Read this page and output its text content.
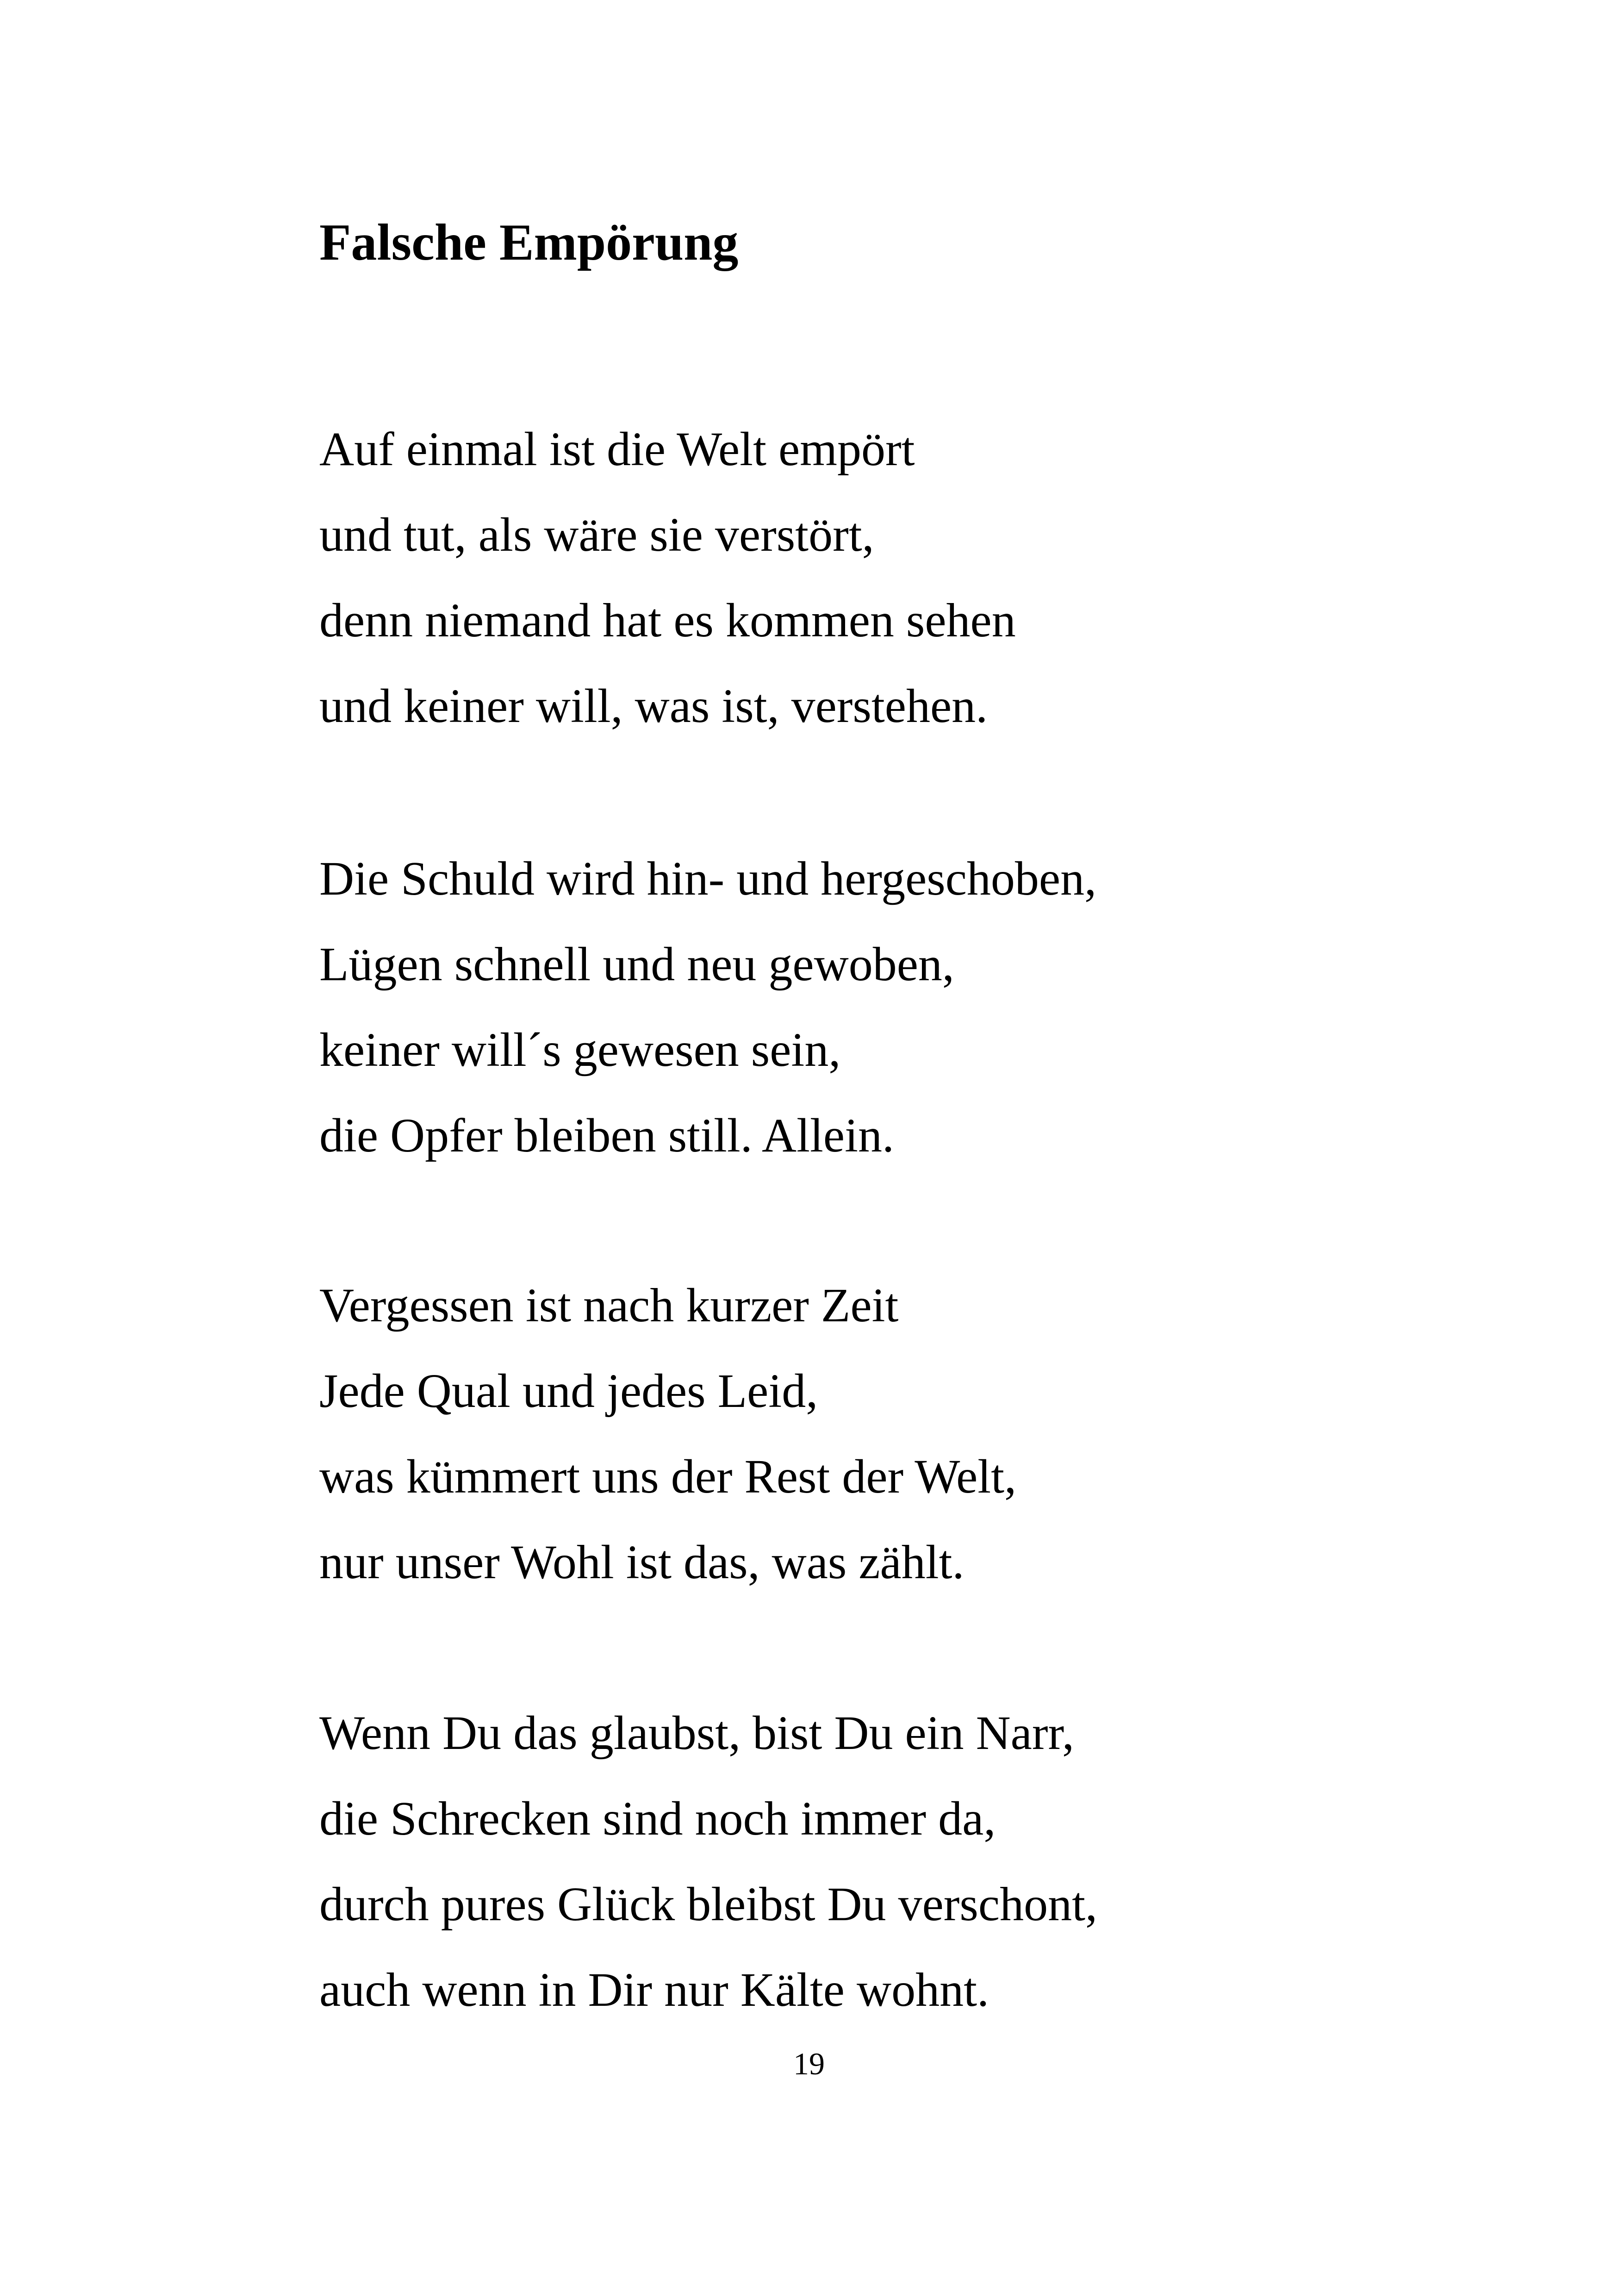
Falsche Empörung
Auf einmal ist die Welt empört
und tut, als wäre sie verstört,
denn niemand hat es kommen sehen
und keiner will, was ist, verstehen.
Die Schuld wird hin- und hergeschoben,
Lügen schnell und neu gewoben,
keiner will´s gewesen sein,
die Opfer bleiben still. Allein.
Vergessen ist nach kurzer Zeit
Jede Qual und jedes Leid,
was kümmert uns der Rest der Welt,
nur unser Wohl ist das, was zählt.
Wenn Du das glaubst, bist Du ein Narr,
die Schrecken sind noch immer da,
durch pures Glück bleibst Du verschont,
auch wenn in Dir nur Kälte wohnt.
19
